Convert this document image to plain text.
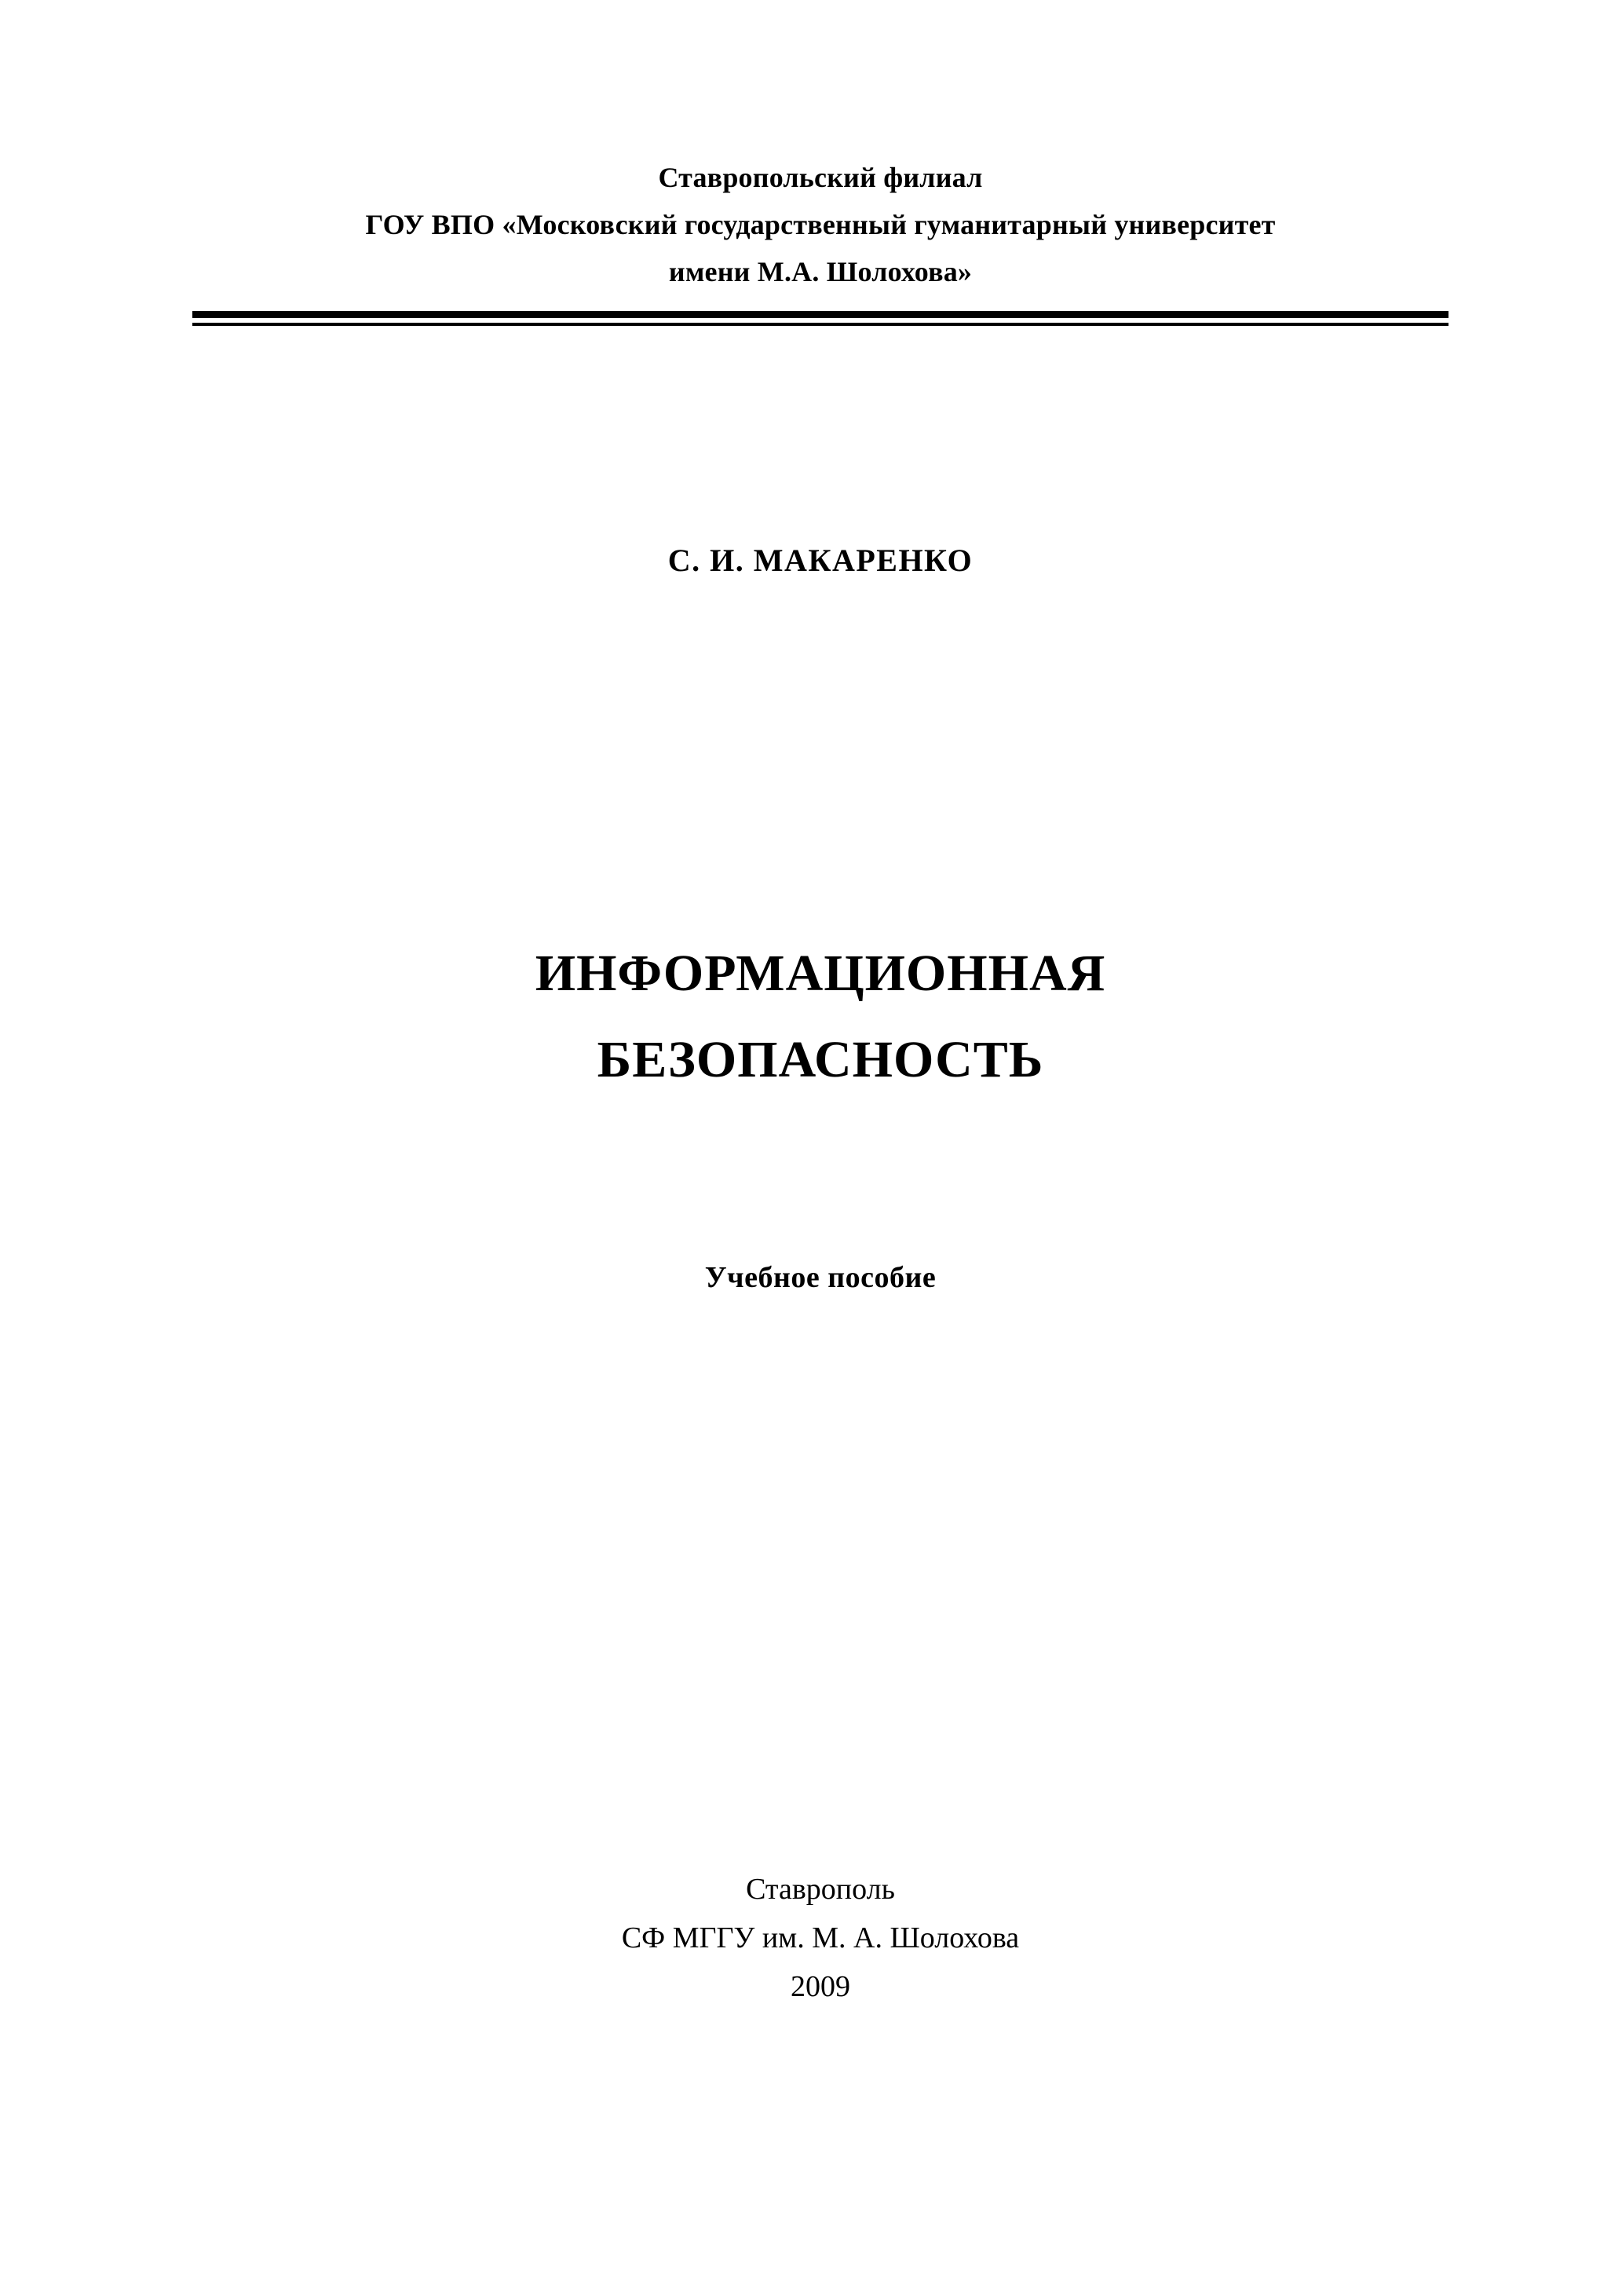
Ставропольский филиал
ГОУ ВПО «Московский государственный гуманитарный университет
имени М.А. Шолохова»
С. И. МАКАРЕНКО
ИНФОРМАЦИОННАЯ
БЕЗОПАСНОСТЬ
Учебное пособие
Ставрополь
СФ МГГУ им. М. А. Шолохова
2009
